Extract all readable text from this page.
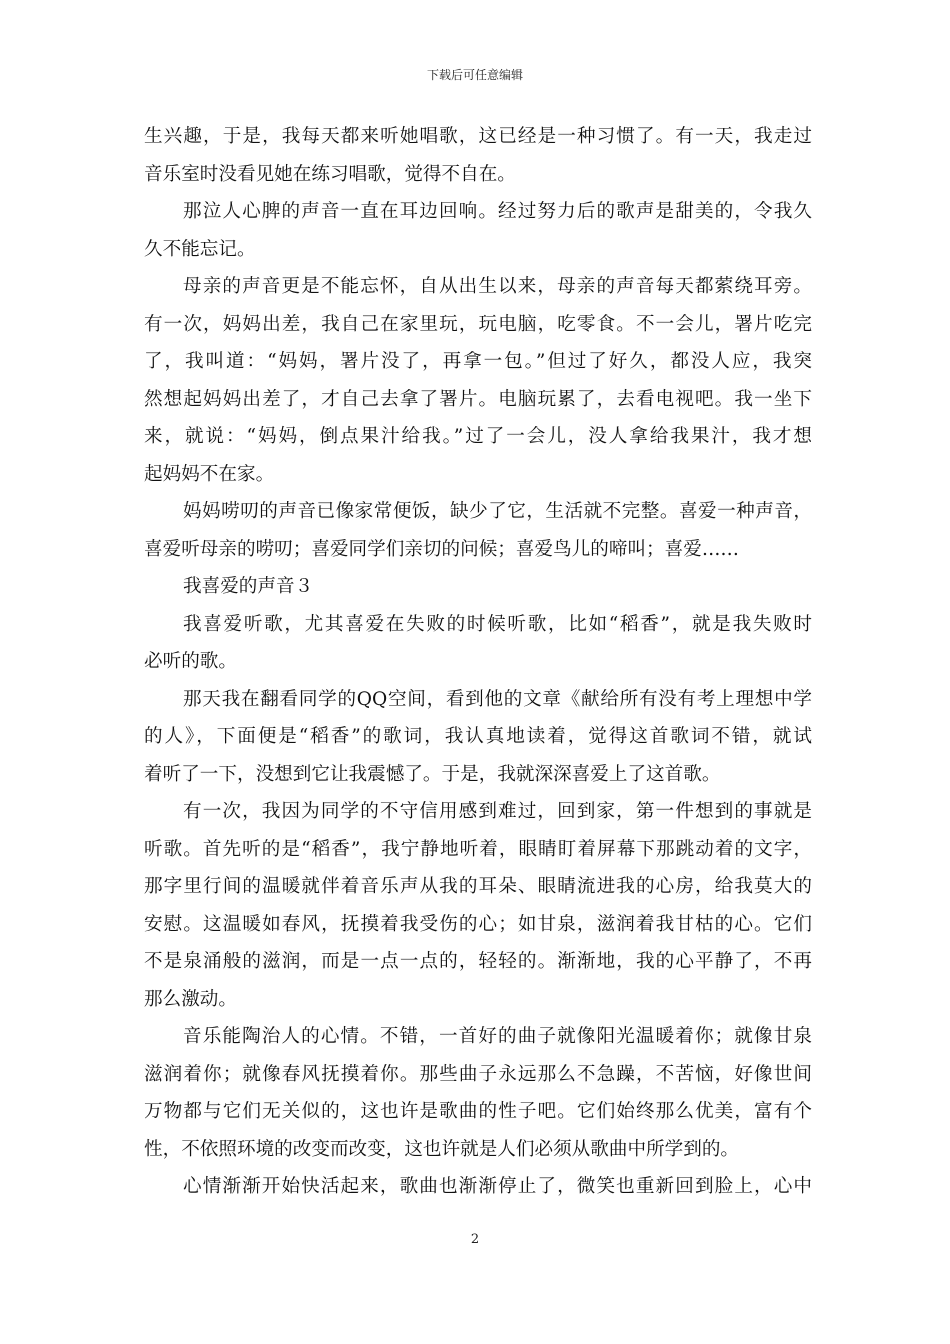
下载后可任意编辑
生兴趣，于是，我每天都来听她唱歌，这已经是一种习惯了。有一天，我走过
音乐室时没看见她在练习唱歌，觉得不自在。
那泣人心脾的声音一直在耳边回响。经过努力后的歌声是甜美的，令我久
久不能忘记。
母亲的声音更是不能忘怀，自从出生以来，母亲的声音每天都萦绕耳旁。
有一次，妈妈出差，我自己在家里玩，玩电脑，吃零食。不一会儿，署片吃完
了，我叫道：“妈妈，署片没了，再拿一包。”但过了好久，都没人应，我突
然想起妈妈出差了，才自己去拿了署片。电脑玩累了，去看电视吧。我一坐下
来，就说：“妈妈，倒点果汁给我。”过了一会儿，没人拿给我果汁，我才想
起妈妈不在家。
妈妈唠叨的声音已像家常便饭，缺少了它，生活就不完整。喜爱一种声音，
喜爱听母亲的唠叨；喜爱同学们亲切的问候；喜爱鸟儿的啼叫；喜爱……
我喜爱的声音３
我喜爱听歌，尤其喜爱在失败的时候听歌，比如“稻香”，就是我失败时
必听的歌。
那天我在翻看同学的QQ空间，看到他的文章《献给所有没有考上理想中学
的人》，下面便是“稻香”的歌词，我认真地读着，觉得这首歌词不错，就试
着听了一下，没想到它让我震憾了。于是，我就深深喜爱上了这首歌。
有一次，我因为同学的不守信用感到难过，回到家，第一件想到的事就是
听歌。首先听的是“稻香”，我宁静地听着，眼睛盯着屏幕下那跳动着的文字，
那字里行间的温暖就伴着音乐声从我的耳朵、眼睛流进我的心房，给我莫大的
安慰。这温暖如春风，抚摸着我受伤的心；如甘泉，滋润着我甘枯的心。它们
不是泉涌般的滋润，而是一点一点的，轻轻的。渐渐地，我的心平静了，不再
那么激动。
音乐能陶治人的心情。不错，一首好的曲子就像阳光温暖着你；就像甘泉
滋润着你；就像春风抚摸着你。那些曲子永远那么不急躁，不苦恼，好像世间
万物都与它们无关似的，这也许是歌曲的性子吧。它们始终那么优美，富有个
性，不依照环境的改变而改变，这也许就是人们必须从歌曲中所学到的。
心情渐渐开始快活起来，歌曲也渐渐停止了，微笑也重新回到脸上，心中
2
